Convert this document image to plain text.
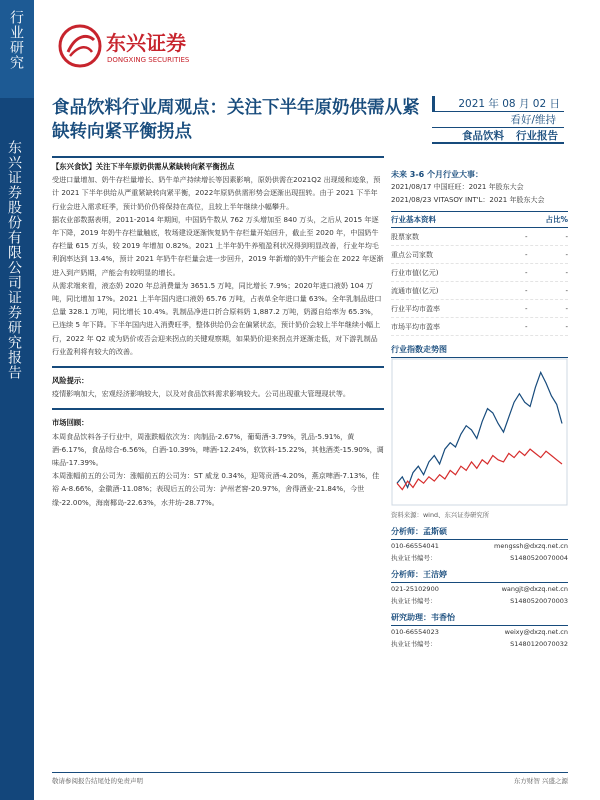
行业研究
东兴证券股份有限公司证券研究报告
东兴证券
DONGXING SECURITIES
食品饮料行业周观点：关注下半年原奶供需从紧缺转向紧平衡拐点
2021 年 08 月 02 日
看好/维持
食品饮料	行业报告
【东兴食饮】关注下半年原奶供需从紧缺转向紧平衡拐点

受进口量增加、奶牛存栏量增长、奶牛单产持续增长等因素影响，原奶供需在2021Q2 出现缓和迹象，预计 2021 下半年供给从严重紧缺转向紧平衡，2022年原奶供需形势会逐渐出现扭转。由于 2021 下半年行业会进入需求旺季，预计奶价仍将保持在高位，且较上半年继续小幅攀升。

据农业部数据表明，2011-2014 年期间，中国奶牛数从 762 万头增加至 840 万头，之后从 2015 年逐年下降，2019 年奶牛存栏量触底，牧场建设逐渐恢复奶牛存栏量开始回升，截止至 2020 年，中国奶牛存栏量 615 万头，较 2019 年增加 0.82%。2021 上半年奶牛养殖盈利状况得到明显改善，行业年均毛利润率达到 13.4%，预计 2021 年奶牛存栏量会进一步回升，2019 年新增的奶牛产能会在 2022 年逐渐进入到产奶期，产能会有较明显的增长。

从需求端来看，液态奶 2020 年总消费量为 3651.5 万吨，同比增长 7.9%；2020年进口液奶 104 万吨，同比增加 17%。2021 上半年国内进口液奶 65.76 万吨，占表单全年进口量 63%。全年乳制品进口总量 328.1 万吨，同比增长 10.4%。乳制品净进口折合原料奶 1,887.2 万吨，奶源自给率为 65.3%，已连续 5 年下降。下半年国内进入消费旺季，整体供给仍会在偏紧状态，预计奶价会较上半年继续小幅上行，2022 年 Q2 或为奶价或否会迎来拐点的关键观察期，如果奶价迎来拐点并逐渐走低，对下游乳制品行业盈利将有较大的改善。

风险提示：

疫情影响加大，宏观经济影响较大，以及对食品饮料需求影响较大。公司出现重大管理现状等。

市场回顾：

本周食品饮料各子行业中，周涨跌幅依次为：肉制品-2.67%，葡萄酒-3.79%，乳品-5.91%，黄酒-6.17%，食品综合-6.56%，白酒-10.39%，啤酒-12.24%，软饮料-15.22%，其他酒类-15.90%，调味品-17.39%。

本周涨幅前五的公司为：涨幅前五的公司为：ST 威龙 0.34%，迎驾贡酒-4.20%，燕京啤酒-7.13%，佳裕 A-8.66%，金徽酒-11.08%；表现后五的公司为：泸州老窖-20.97%，舍得酒业-21.84%，今世缘-22.00%，海南椰岛-22.63%，水井坊-28.77%。

未来 3-6 个月行业大事：
2021/08/17 中国旺旺：2021 年股东大会
2021/08/23 VITASOY INT'L：2021 年股东大会
行业基本资料	占比%
股票家数	-	-
重点公司家数	-	-
行业市值(亿元)	-	-
流通市值(亿元)	-	-
行业平均市盈率	-	-
市场平均市盈率	-	-
行业指数走势图
资料来源：wind、东兴证券研究所
分析师：孟斯硕
010-66554041	mengssh@dxzq.net.cn
执业证书编号：	S1480520070004
分析师：王洁婷
021-25102900	wangjt@dxzq.net.cn
执业证书编号：	S1480520070003
研究助理：韦香怡
010-66554023	weixy@dxzq.net.cn
执业证书编号：	S1480120070032
敬请参阅报告结尾处的免责声明	东方财智 兴盛之源
